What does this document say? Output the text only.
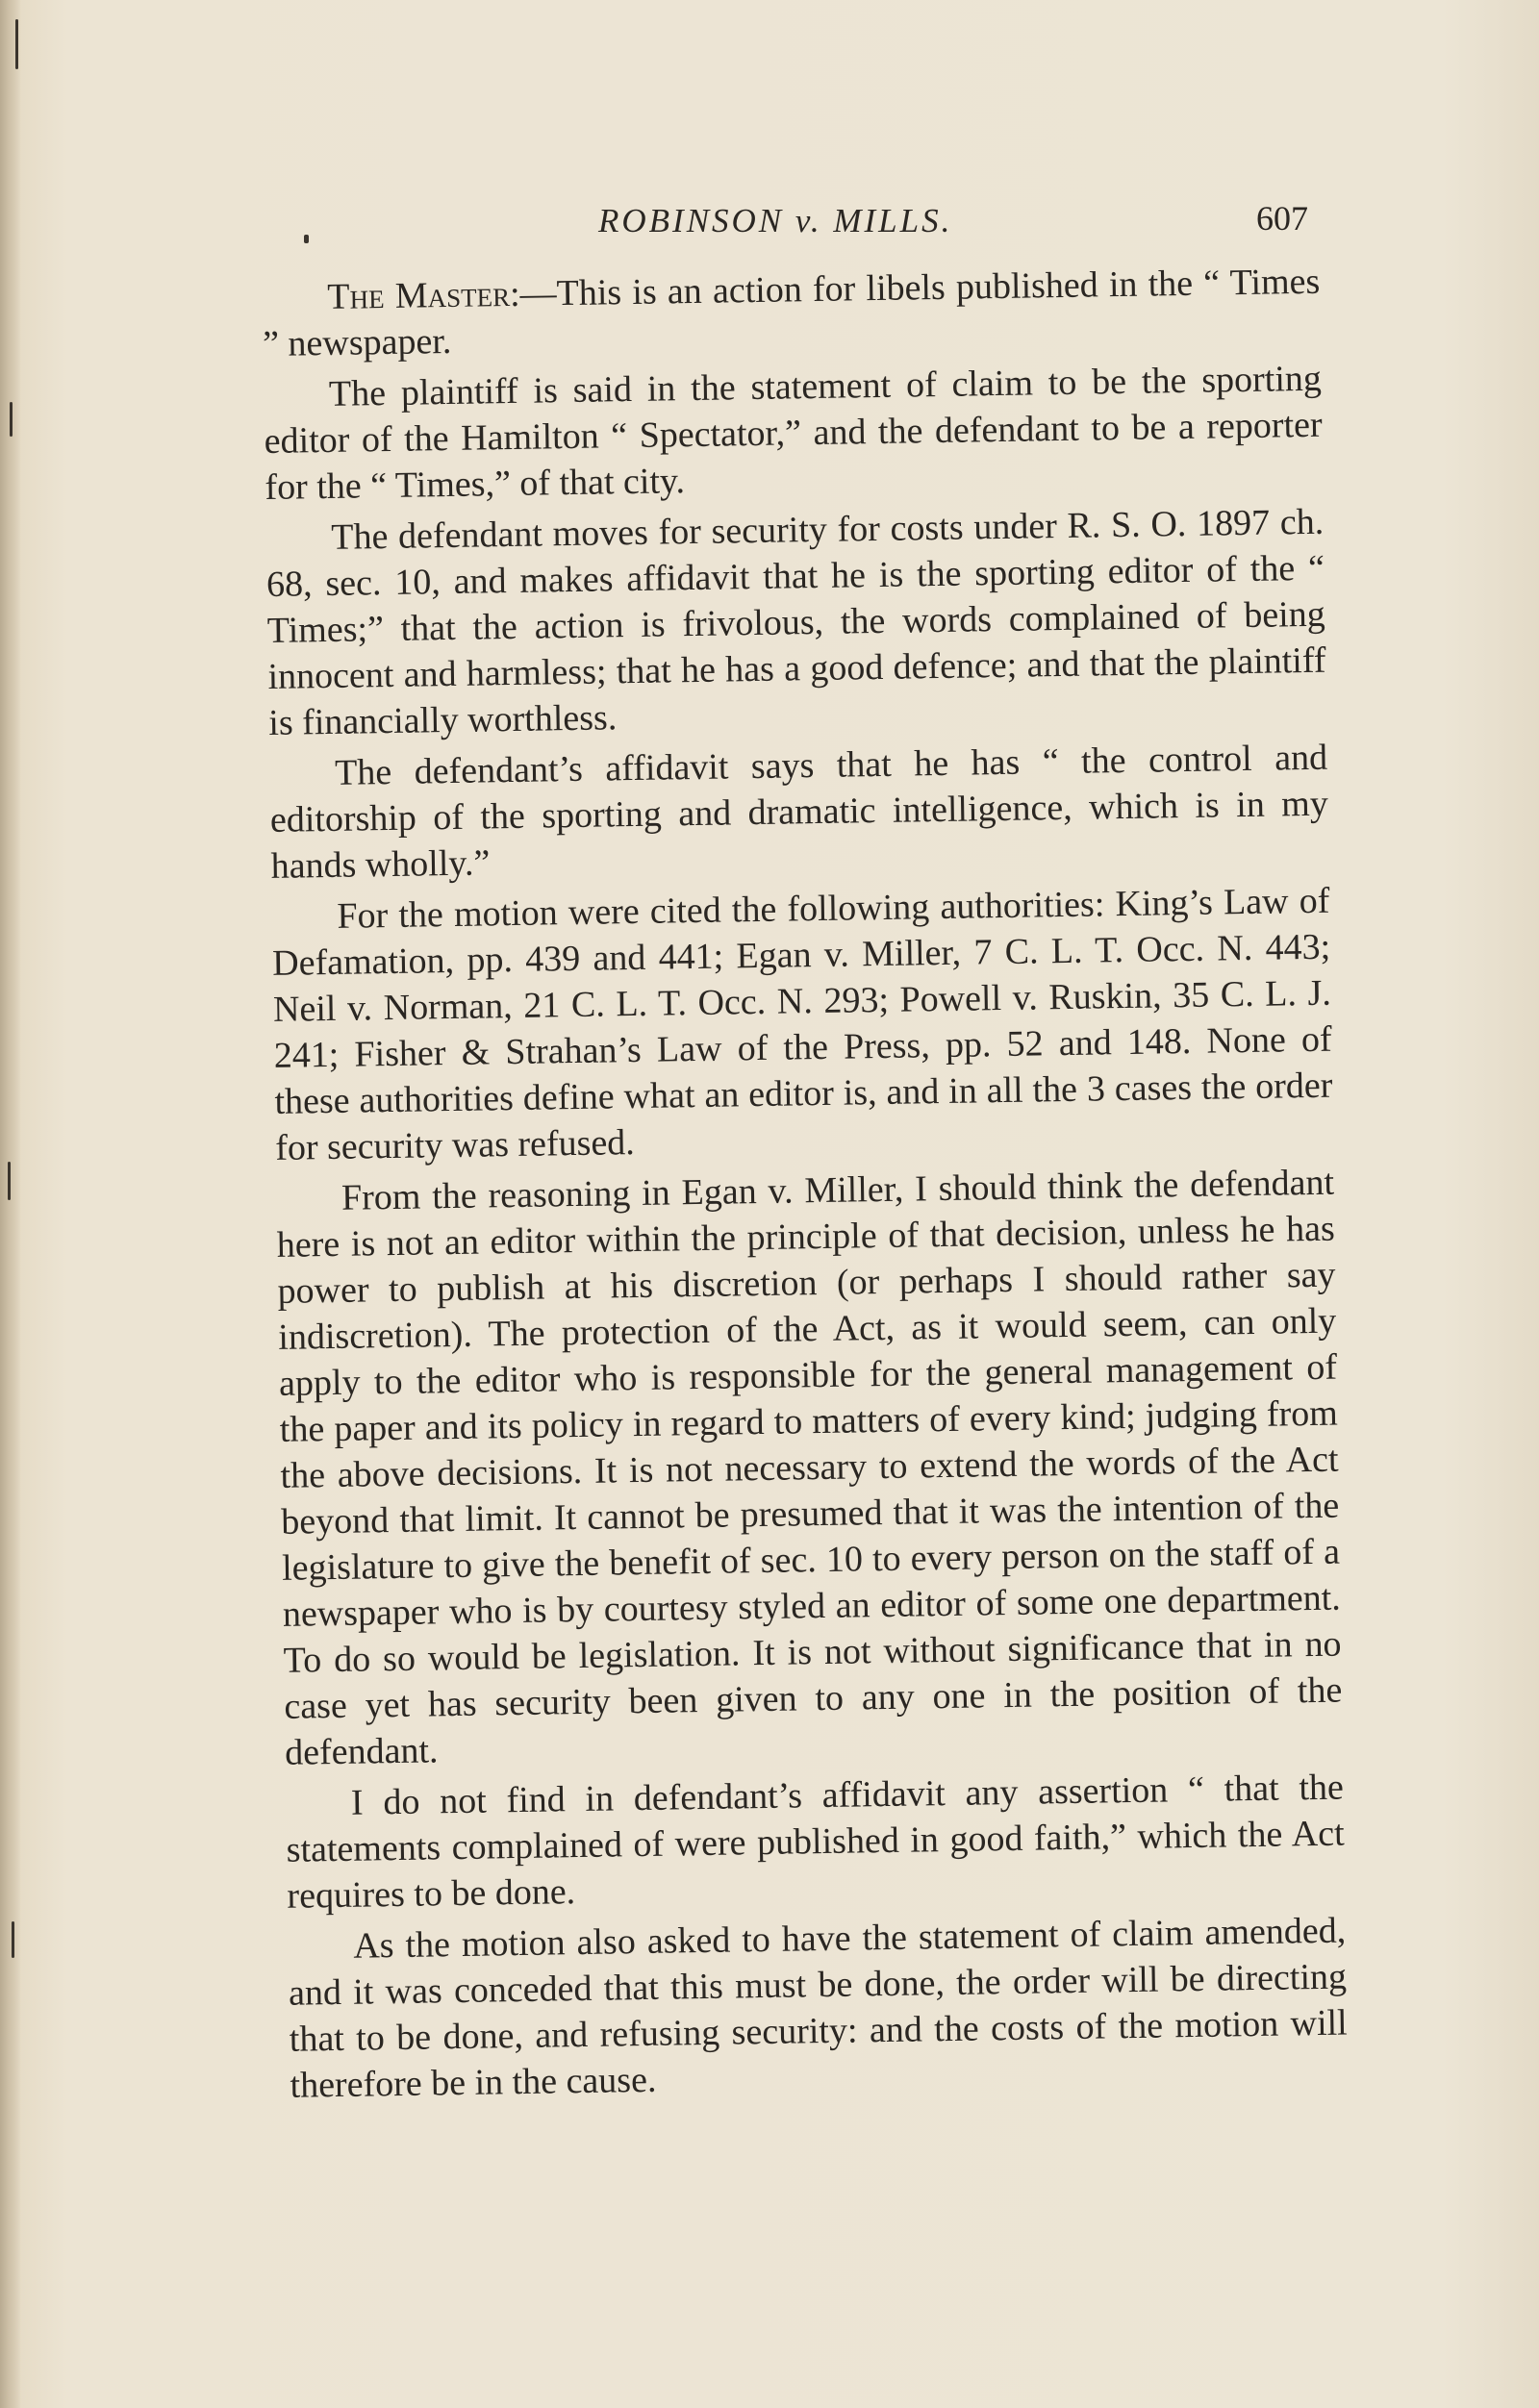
ROBINSON v. MILLS.	607

The Master:—This is an action for libels published in the “ Times ” newspaper.

The plaintiff is said in the statement of claim to be the sporting editor of the Hamilton “ Spectator,” and the defendant to be a reporter for the “ Times,” of that city.

The defendant moves for security for costs under R. S. O. 1897 ch. 68, sec. 10, and makes affidavit that he is the sporting editor of the “ Times;” that the action is frivolous, the words complained of being innocent and harmless; that he has a good defence; and that the plaintiff is financially worthless.

The defendant’s affidavit says that he has “ the control and editorship of the sporting and dramatic intelligence, which is in my hands wholly.”

For the motion were cited the following authorities: King’s Law of Defamation, pp. 439 and 441; Egan v. Miller, 7 C. L. T. Occ. N. 443; Neil v. Norman, 21 C. L. T. Occ. N. 293; Powell v. Ruskin, 35 C. L. J. 241; Fisher & Strahan’s Law of the Press, pp. 52 and 148. None of these authorities define what an editor is, and in all the 3 cases the order for security was refused.

From the reasoning in Egan v. Miller, I should think the defendant here is not an editor within the principle of that decision, unless he has power to publish at his discretion (or perhaps I should rather say indiscretion). The protection of the Act, as it would seem, can only apply to the editor who is responsible for the general management of the paper and its policy in regard to matters of every kind; judging from the above decisions. It is not necessary to extend the words of the Act beyond that limit. It cannot be presumed that it was the intention of the legislature to give the benefit of sec. 10 to every person on the staff of a newspaper who is by courtesy styled an editor of some one department. To do so would be legislation. It is not without significance that in no case yet has security been given to any one in the position of the defendant.

I do not find in defendant’s affidavit any assertion “ that the statements complained of were published in good faith,” which the Act requires to be done.

As the motion also asked to have the statement of claim amended, and it was conceded that this must be done, the order will be directing that to be done, and refusing security: and the costs of the motion will therefore be in the cause.
